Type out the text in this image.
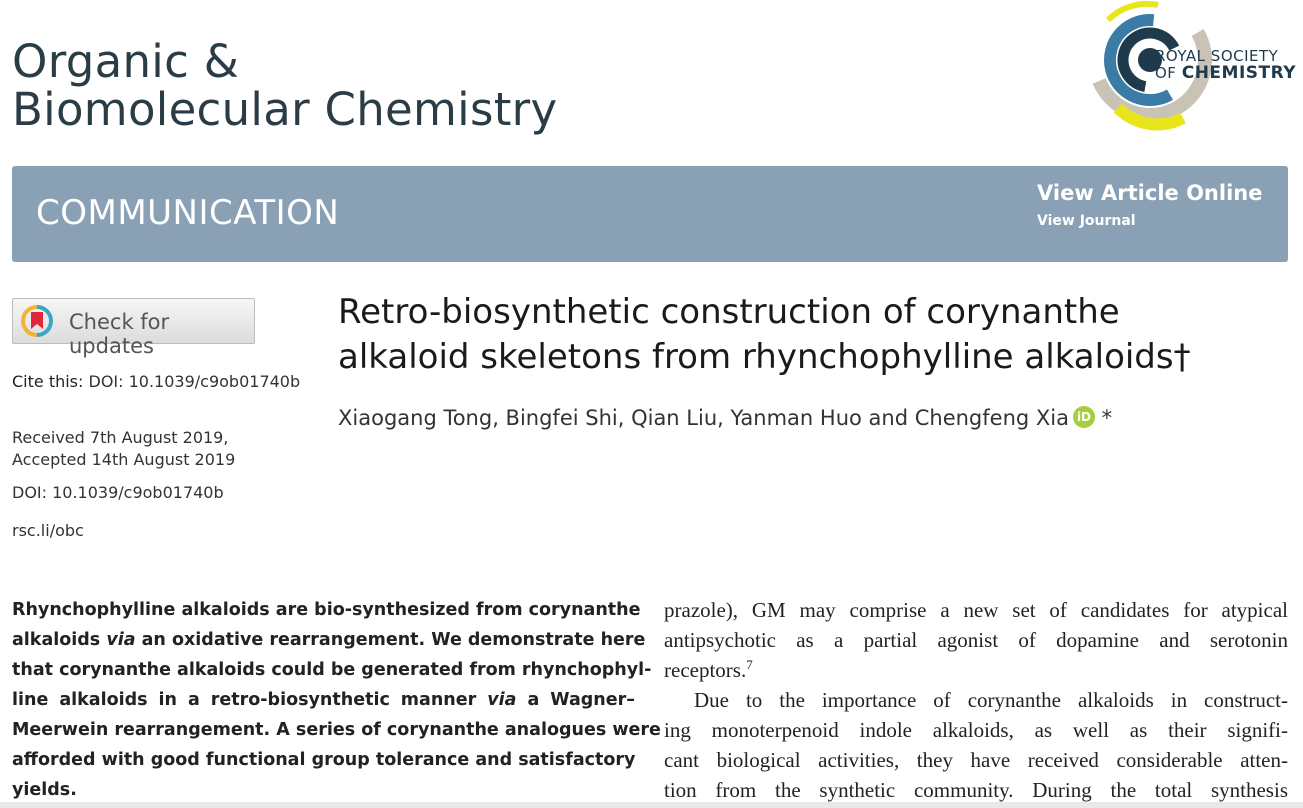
Organic &
Biomolecular Chemistry
ROYAL SOCIETY
OF CHEMISTRY
COMMUNICATION	View Article Online
View Journal
Check for updates
Cite this: DOI: 10.1039/c9ob01740b
Received 7th August 2019,
Accepted 14th August 2019
DOI: 10.1039/c9ob01740b
rsc.li/obc
Retro-biosynthetic construction of corynanthe
alkaloid skeletons from rhynchophylline alkaloids†
Xiaogang Tong, Bingfei Shi, Qian Liu, Yanman Huo and Chengfeng Xia iD *
Rhynchophylline alkaloids are bio-synthesized from corynanthe
alkaloids via an oxidative rearrangement. We demonstrate here
that corynanthe alkaloids could be generated from rhynchophyl-
line alkaloids in a retro-biosynthetic manner via a Wagner–
Meerwein rearrangement. A series of corynanthe analogues were
afforded with good functional group tolerance and satisfactory
yields.
prazole), GM may comprise a new set of candidates for atypical
antipsychotic as a partial agonist of dopamine and serotonin
receptors.$^7$
Due to the importance of corynanthe alkaloids in construct-
ing monoterpenoid indole alkaloids, as well as their signifi-
cant biological activities, they have received considerable atten-
tion from the synthetic community. During the total synthesis
